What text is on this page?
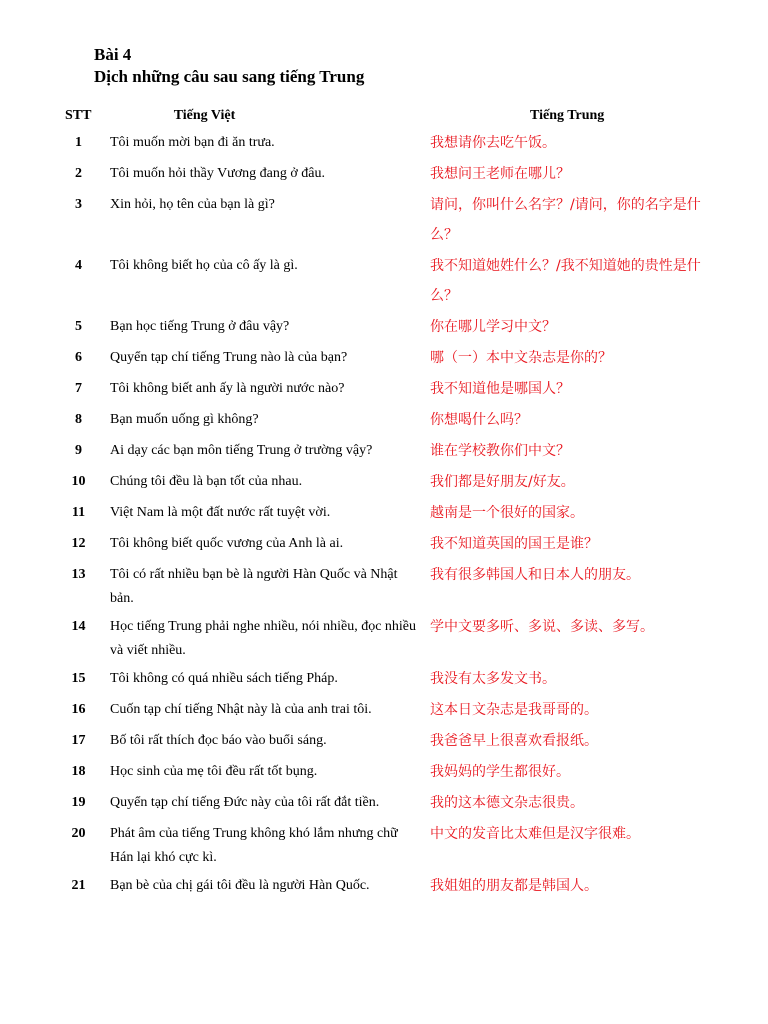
Bài 4
Dịch những câu sau sang tiếng Trung
STT	Tiếng Việt	Tiếng Trung
1	Tôi muốn mời bạn đi ăn trưa.	我想请你去吃午饭。
2	Tôi muốn hỏi thầy Vương đang ở đâu.	我想问王老师在哪儿？
3	Xin hỏi, họ tên của bạn là gì?	请问，你叫什么名字？/请问，你的名字是什么？
4	Tôi không biết họ của cô ấy là gì.	我不知道她姓什么？/我不知道她的贵性是什么？
5	Bạn học tiếng Trung ở đâu vậy?	你在哪儿学习中文？
6	Quyển tạp chí tiếng Trung nào là của bạn?	哪（一）本中文杂志是你的？
7	Tôi không biết anh ấy là người nước nào?	我不知道他是哪国人？
8	Bạn muốn uống gì không?	你想喝什么吗？
9	Ai dạy các bạn môn tiếng Trung ở trường vậy?	谁在学校教你们中文？
10	Chúng tôi đều là bạn tốt của nhau.	我们都是好朋友/好友。
11	Việt Nam là một đất nước rất tuyệt vời.	越南是一个很好的国家。
12	Tôi không biết quốc vương của Anh là ai.	我不知道英国的国王是谁？
13	Tôi có rất nhiều bạn bè là người Hàn Quốc và Nhật bản.	我有很多韩国人和日本人的朋友。
14	Học tiếng Trung phải nghe nhiều, nói nhiều, đọc nhiều và viết nhiều.	学中文要多听、多说、多读、多写。
15	Tôi không có quá nhiều sách tiếng Pháp.	我没有太多发文书。
16	Cuốn tạp chí tiếng Nhật này là của anh trai tôi.	这本日文杂志是我哥哥的。
17	Bố tôi rất thích đọc báo vào buổi sáng.	我爸爸早上很喜欢看报纸。
18	Học sinh của mẹ tôi đều rất tốt bụng.	我妈妈的学生都很好。
19	Quyển tạp chí tiếng Đức này của tôi rất đắt tiền.	我的这本德文杂志很贵。
20	Phát âm của tiếng Trung không khó lắm nhưng chữ Hán lại khó cực kì.	中文的发音比太难但是汉字很难。
21	Bạn bè của chị gái tôi đều là người Hàn Quốc.	我姐姐的朋友都是韩国人。
